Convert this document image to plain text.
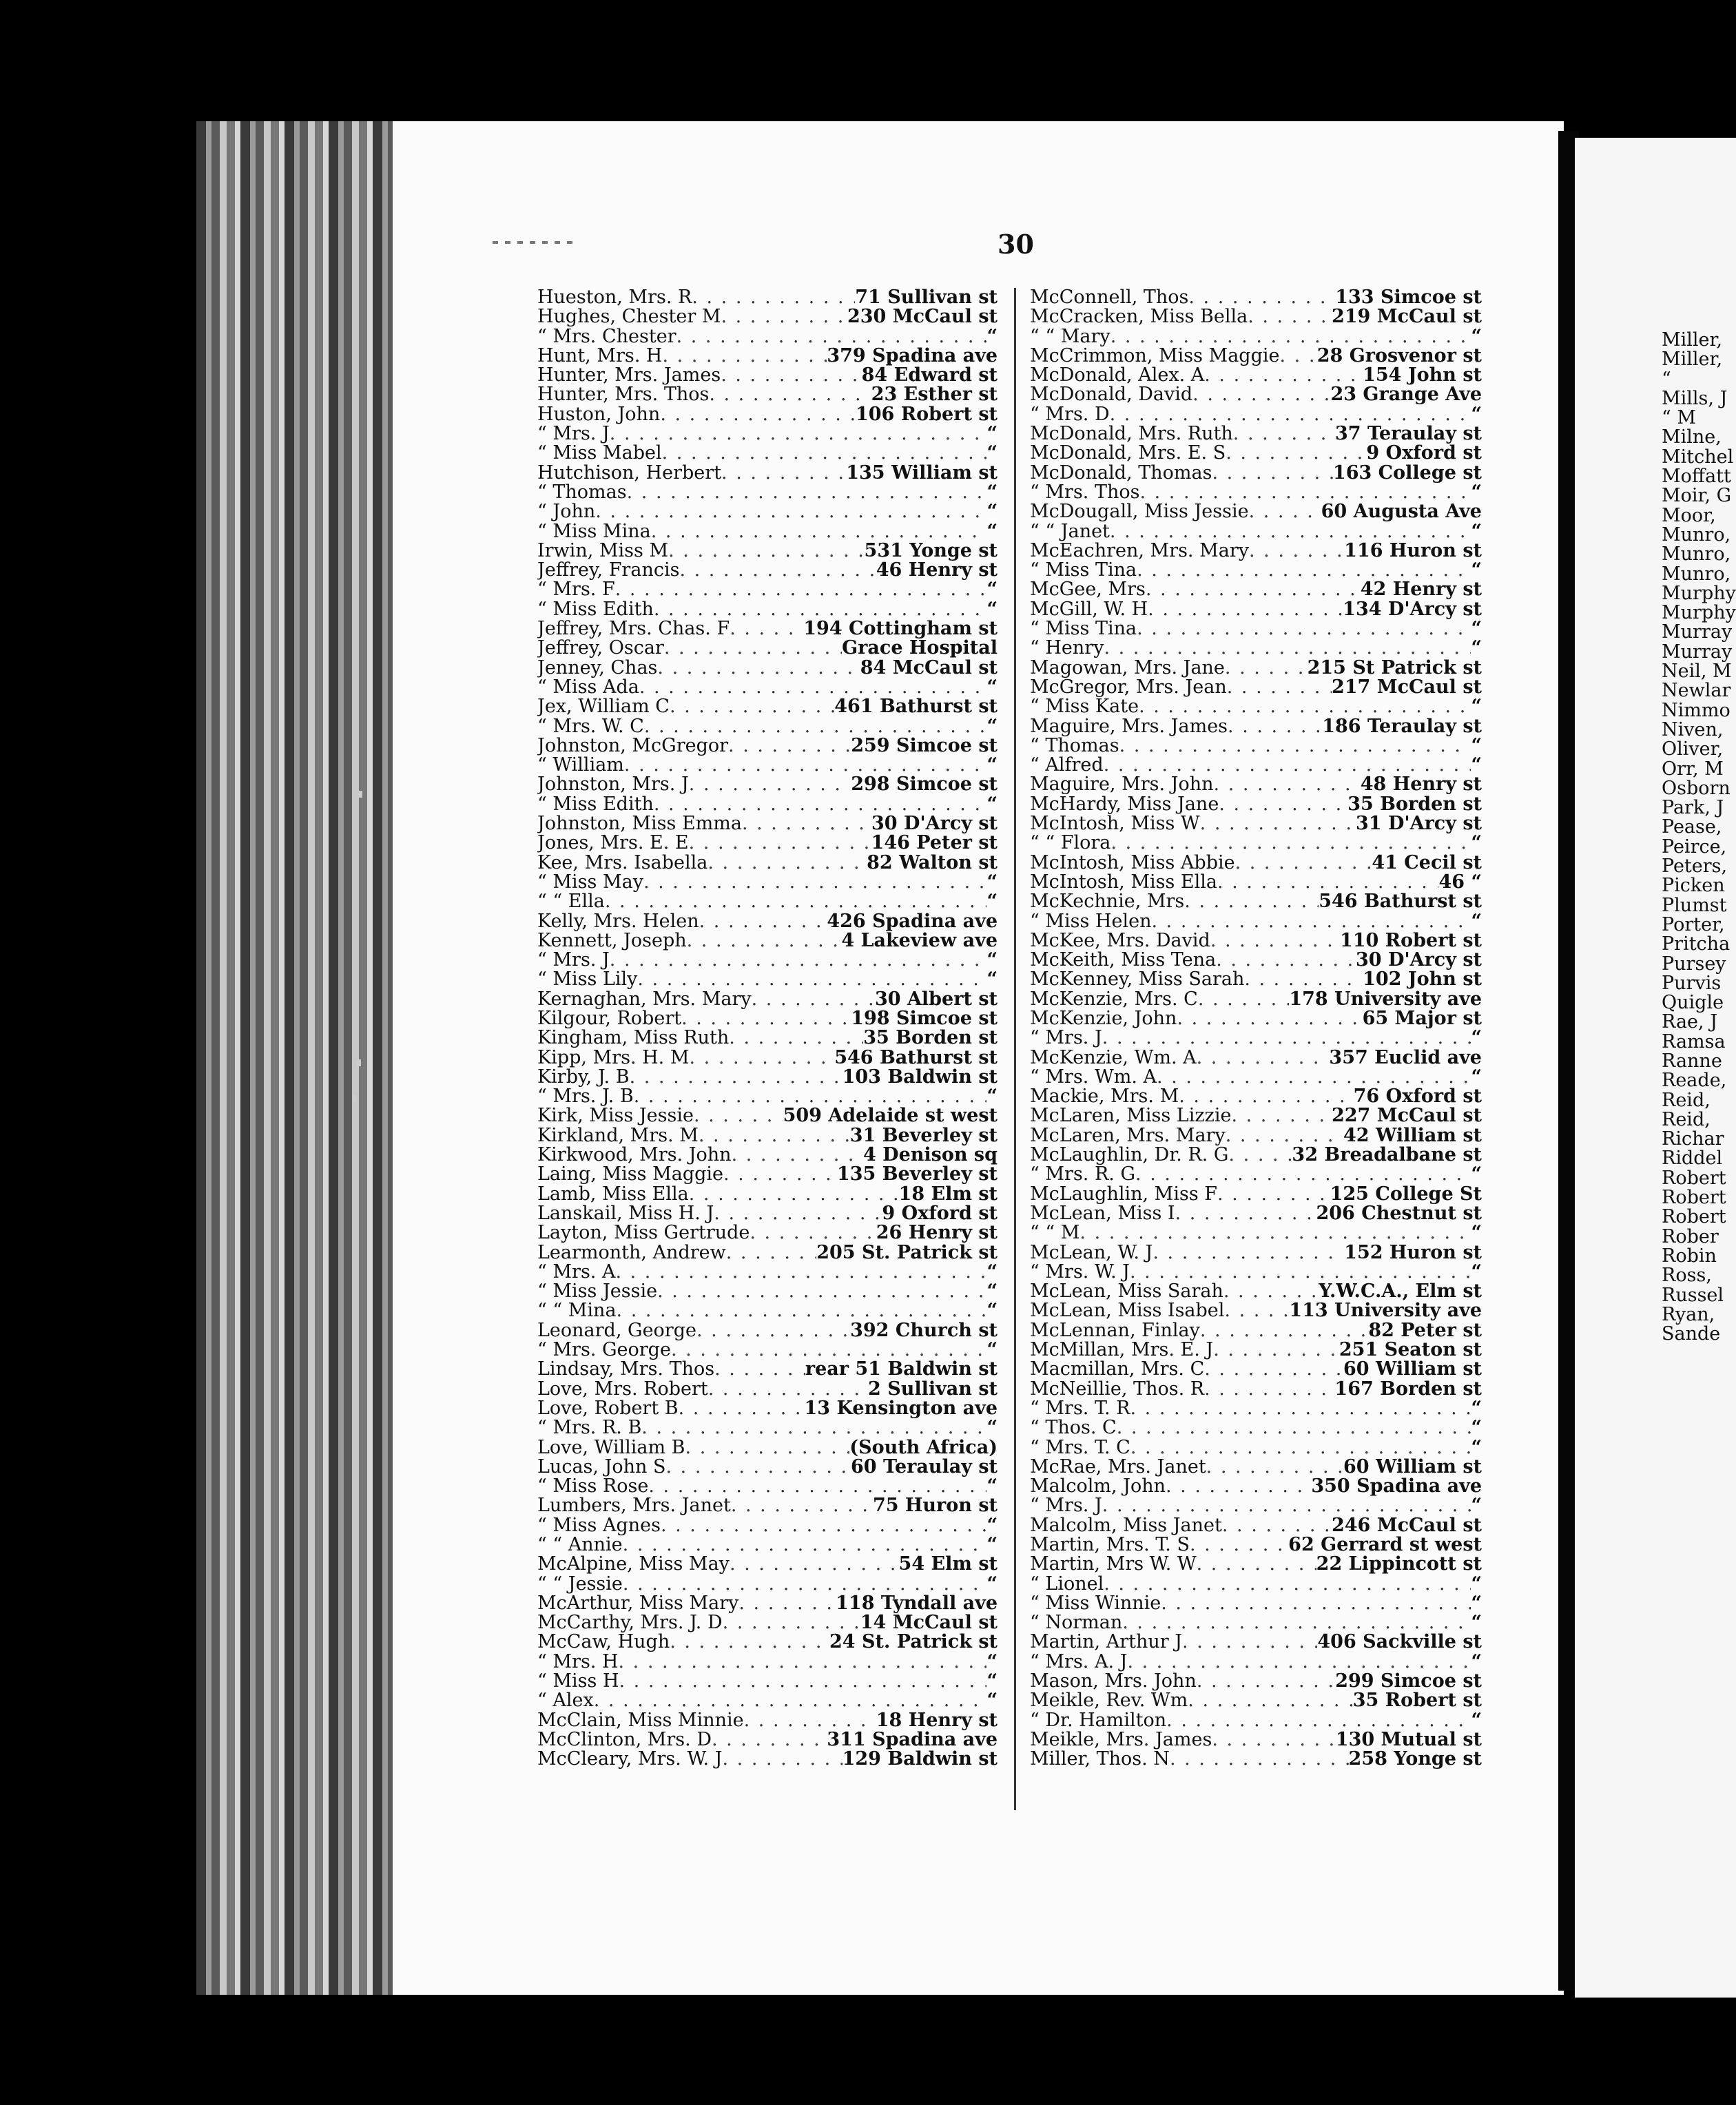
Miller,
Miller,
“
Mills, J
“ M
Milne,
Mitchel
Moffatt
Moir, G
Moor,
Munro,
Munro,
Munro,
Murphy
Murphy
Murray
Murray
Neil, M
Newlar
Nimmo
Niven,
Oliver,
Orr, M
Osborn
Park, J
Pease,
Peirce,
Peters,
Picken
Plumst
Porter,
Pritcha
Pursey
Purvis
Quigle
Rae, J
Ramsa
Ranne
Reade,
Reid,
Reid,
Richar
Riddel
Robert
Robert
Robert
Rober
Robin
Ross,
Russel
Ryan,
Sande
30
Hueston, Mrs. R . . .	71 Sullivan st
Hughes, Chester M . . .	230 McCaul st
“ Mrs. Chester . . .	“
Hunt, Mrs. H . . .	379 Spadina ave
Hunter, Mrs. James . . .	84 Edward st
Hunter, Mrs. Thos . . .	23 Esther st
Huston, John . . .	106 Robert st
“ Mrs. J . . .	“
“ Miss Mabel . . .	“
Hutchison, Herbert . . .	135 William st
“ Thomas . . .	“
“ John . . .	“
“ Miss Mina . . .	“
Irwin, Miss M . . .	531 Yonge st
Jeffrey, Francis . . .	46 Henry st
“ Mrs. F . . .	“
“ Miss Edith . . .	“
Jeffrey, Mrs. Chas. F . . .	194 Cottingham st
Jeffrey, Oscar . . .	Grace Hospital
Jenney, Chas . . .	84 McCaul st
“ Miss Ada . . .	“
Jex, William C . . .	461 Bathurst st
“ Mrs. W. C . . .	“
Johnston, McGregor . . .	259 Simcoe st
“ William . . .	“
Johnston, Mrs. J . . .	298 Simcoe st
“ Miss Edith . . .	“
Johnston, Miss Emma . . .	30 D'Arcy st
Jones, Mrs. E. E . . .	146 Peter st
Kee, Mrs. Isabella . . .	82 Walton st
“ Miss May . . .	“
“ “ Ella . . .	“
Kelly, Mrs. Helen . . .	426 Spadina ave
Kennett, Joseph . . .	4 Lakeview ave
“ Mrs. J . . .	“
“ Miss Lily . . .	“
Kernaghan, Mrs. Mary . . .	30 Albert st
Kilgour, Robert . . .	198 Simcoe st
Kingham, Miss Ruth . . .	35 Borden st
Kipp, Mrs. H. M . . .	546 Bathurst st
Kirby, J. B . . .	103 Baldwin st
“ Mrs. J. B . . .	“
Kirk, Miss Jessie . . .	509 Adelaide st west
Kirkland, Mrs. M . . .	31 Beverley st
Kirkwood, Mrs. John . . .	4 Denison sq
Laing, Miss Maggie . . .	135 Beverley st
Lamb, Miss Ella . . .	18 Elm st
Lanskail, Miss H. J . . .	9 Oxford st
Layton, Miss Gertrude . . .	26 Henry st
Learmonth, Andrew . . .	205 St. Patrick st
“ Mrs. A . . .	“
“ Miss Jessie . . .	“
“ “ Mina . . .	“
Leonard, George . . .	392 Church st
“ Mrs. George . . .	“
Lindsay, Mrs. Thos . . .	rear 51 Baldwin st
Love, Mrs. Robert . . .	2 Sullivan st
Love, Robert B . . .	13 Kensington ave
“ Mrs. R. B . . .	“
Love, William B . . .	(South Africa)
Lucas, John S . . .	60 Teraulay st
“ Miss Rose . . .	“
Lumbers, Mrs. Janet . . .	75 Huron st
“ Miss Agnes . . .	“
“ “ Annie . . .	“
McAlpine, Miss May . . .	54 Elm st
“ “ Jessie . . .	“
McArthur, Miss Mary . . .	118 Tyndall ave
McCarthy, Mrs. J. D . . .	14 McCaul st
McCaw, Hugh . . .	24 St. Patrick st
“ Mrs. H . . .	“
“ Miss H . . .	“
“ Alex . . .	“
McClain, Miss Minnie . . .	18 Henry st
McClinton, Mrs. D . . .	311 Spadina ave
McCleary, Mrs. W. J . . .	129 Baldwin st
McConnell, Thos . . .	133 Simcoe st
McCracken, Miss Bella . . .	219 McCaul st
“ “ Mary . . .	“
McCrimmon, Miss Maggie . . . 28 Grosvenor st
McDonald, Alex. A . . .	154 John st
McDonald, David . . .	23 Grange Ave
“ Mrs. D . . .	“
McDonald, Mrs. Ruth . . .	37 Teraulay st
McDonald, Mrs. E. S . . .	9 Oxford st
McDonald, Thomas . . .	163 College st
“ Mrs. Thos . . .	“
McDougall, Miss Jessie . . .	60 Augusta Ave
“ “ Janet . . .	“
McEachren, Mrs. Mary . . .	116 Huron st
“ Miss Tina . . .	“
McGee, Mrs . . .	42 Henry st
McGill, W. H . . .	134 D'Arcy st
“ Miss Tina . . .	“
“ Henry . . .	“
Magowan, Mrs. Jane . . .	215 St Patrick st
McGregor, Mrs. Jean . . .	217 McCaul st
“ Miss Kate . . .	“
Maguire, Mrs. James . . .	186 Teraulay st
“ Thomas . . .	“
“ Alfred . . .	“
Maguire, Mrs. John . . .	48 Henry st
McHardy, Miss Jane . . .	35 Borden st
McIntosh, Miss W . . .	31 D'Arcy st
“ “ Flora . . .	“
McIntosh, Miss Abbie . . .	41 Cecil st
McIntosh, Miss Ella . . .	46 “
McKechnie, Mrs . . .	546 Bathurst st
“ Miss Helen . . .	“
McKee, Mrs. David . . .	110 Robert st
McKeith, Miss Tena . . .	30 D'Arcy st
McKenney, Miss Sarah . . .	102 John st
McKenzie, Mrs. C . . .	178 University ave
McKenzie, John . . .	65 Major st
“ Mrs. J . . .	“
McKenzie, Wm. A . . .	357 Euclid ave
“ Mrs. Wm. A . . .	“
Mackie, Mrs. M . . .	76 Oxford st
McLaren, Miss Lizzie . . .	227 McCaul st
McLaren, Mrs. Mary . . .	42 William st
McLaughlin, Dr. R. G . . .	32 Breadalbane st
“ Mrs. R. G . . .	“
McLaughlin, Miss F . . .	125 College St
McLean, Miss I . . .	206 Chestnut st
“ “ M . . .	“
McLean, W. J . . .	152 Huron st
“ Mrs. W. J . . .	“
McLean, Miss Sarah . . .	Y.W.C.A., Elm st
McLean, Miss Isabel . . .	113 University ave
McLennan, Finlay . . .	82 Peter st
McMillan, Mrs. E. J . . .	251 Seaton st
Macmillan, Mrs. C . . .	60 William st
McNeillie, Thos. R . . .	167 Borden st
“ Mrs. T. R . . .	“
“ Thos. C . . .	“
“ Mrs. T. C . . .	“
McRae, Mrs. Janet . . .	60 William st
Malcolm, John . . .	350 Spadina ave
“ Mrs. J . . .	“
Malcolm, Miss Janet . . .	246 McCaul st
Martin, Mrs. T. S . . .	62 Gerrard st west
Martin, Mrs W. W . . .	22 Lippincott st
“ Lionel . . .	“
“ Miss Winnie . . .	“
“ Norman . . .	“
Martin, Arthur J . . .	406 Sackville st
“ Mrs. A. J . . .	“
Mason, Mrs. John . . .	299 Simcoe st
Meikle, Rev. Wm . . .	35 Robert st
“ Dr. Hamilton . . .	“
Meikle, Mrs. James . . .	130 Mutual st
Miller, Thos. N . . .	258 Yonge st
